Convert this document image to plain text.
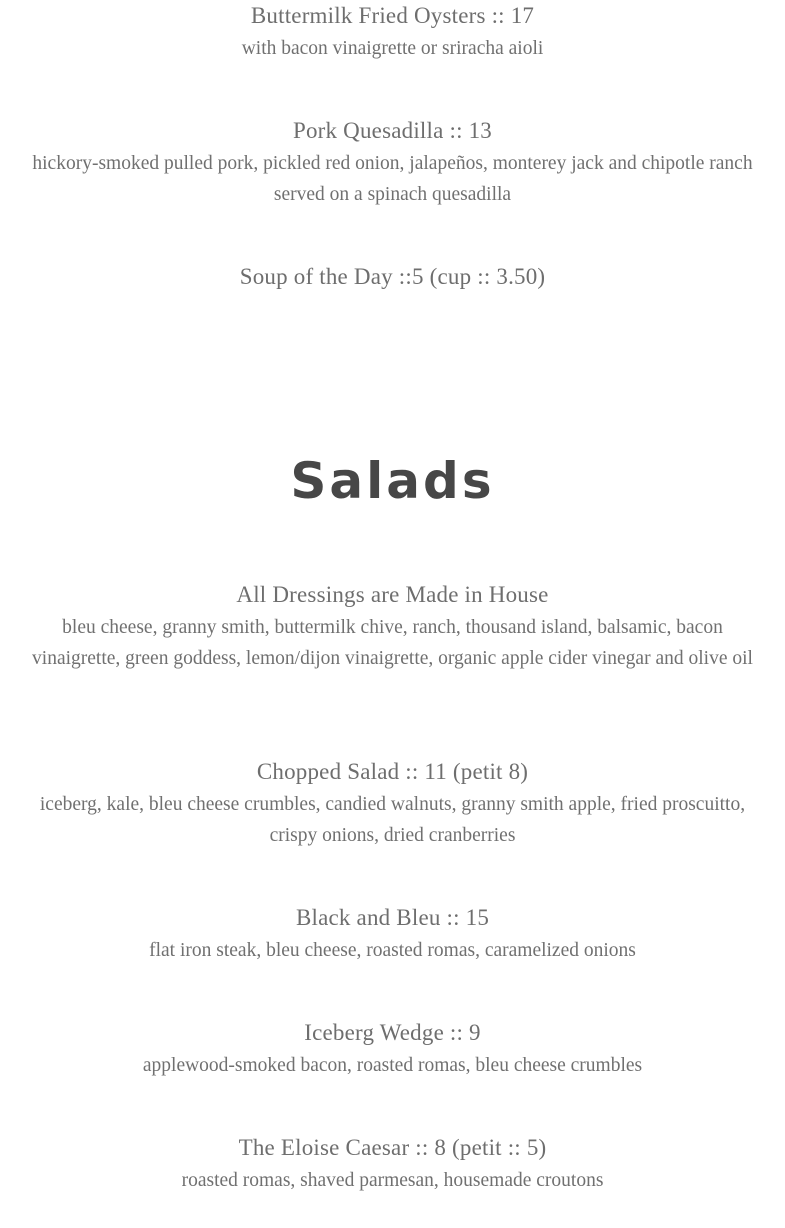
Buttermilk Fried Oysters :: 17

with bacon vinaigrette or sriracha aioli

Pork Quesadilla :: 13

hickory-smoked pulled pork, pickled red onion, jalapeños, monterey jack and chipotle ranch served on a spinach quesadilla

Soup of the Day ::5 (cup :: 3.50)

Salads

All Dressings are Made in House

bleu cheese, granny smith, buttermilk chive, ranch, thousand island, balsamic, bacon vinaigrette, green goddess, lemon/dijon vinaigrette, organic apple cider vinegar and olive oil

Chopped Salad :: 11 (petit 8)

iceberg, kale, bleu cheese crumbles, candied walnuts, granny smith apple, fried proscuitto, crispy onions, dried cranberries

Black and Bleu :: 15

flat iron steak, bleu cheese, roasted romas, caramelized onions

Iceberg Wedge :: 9

applewood-smoked bacon, roasted romas, bleu cheese crumbles

The Eloise Caesar :: 8 (petit :: 5)

roasted romas, shaved parmesan, housemade croutons
